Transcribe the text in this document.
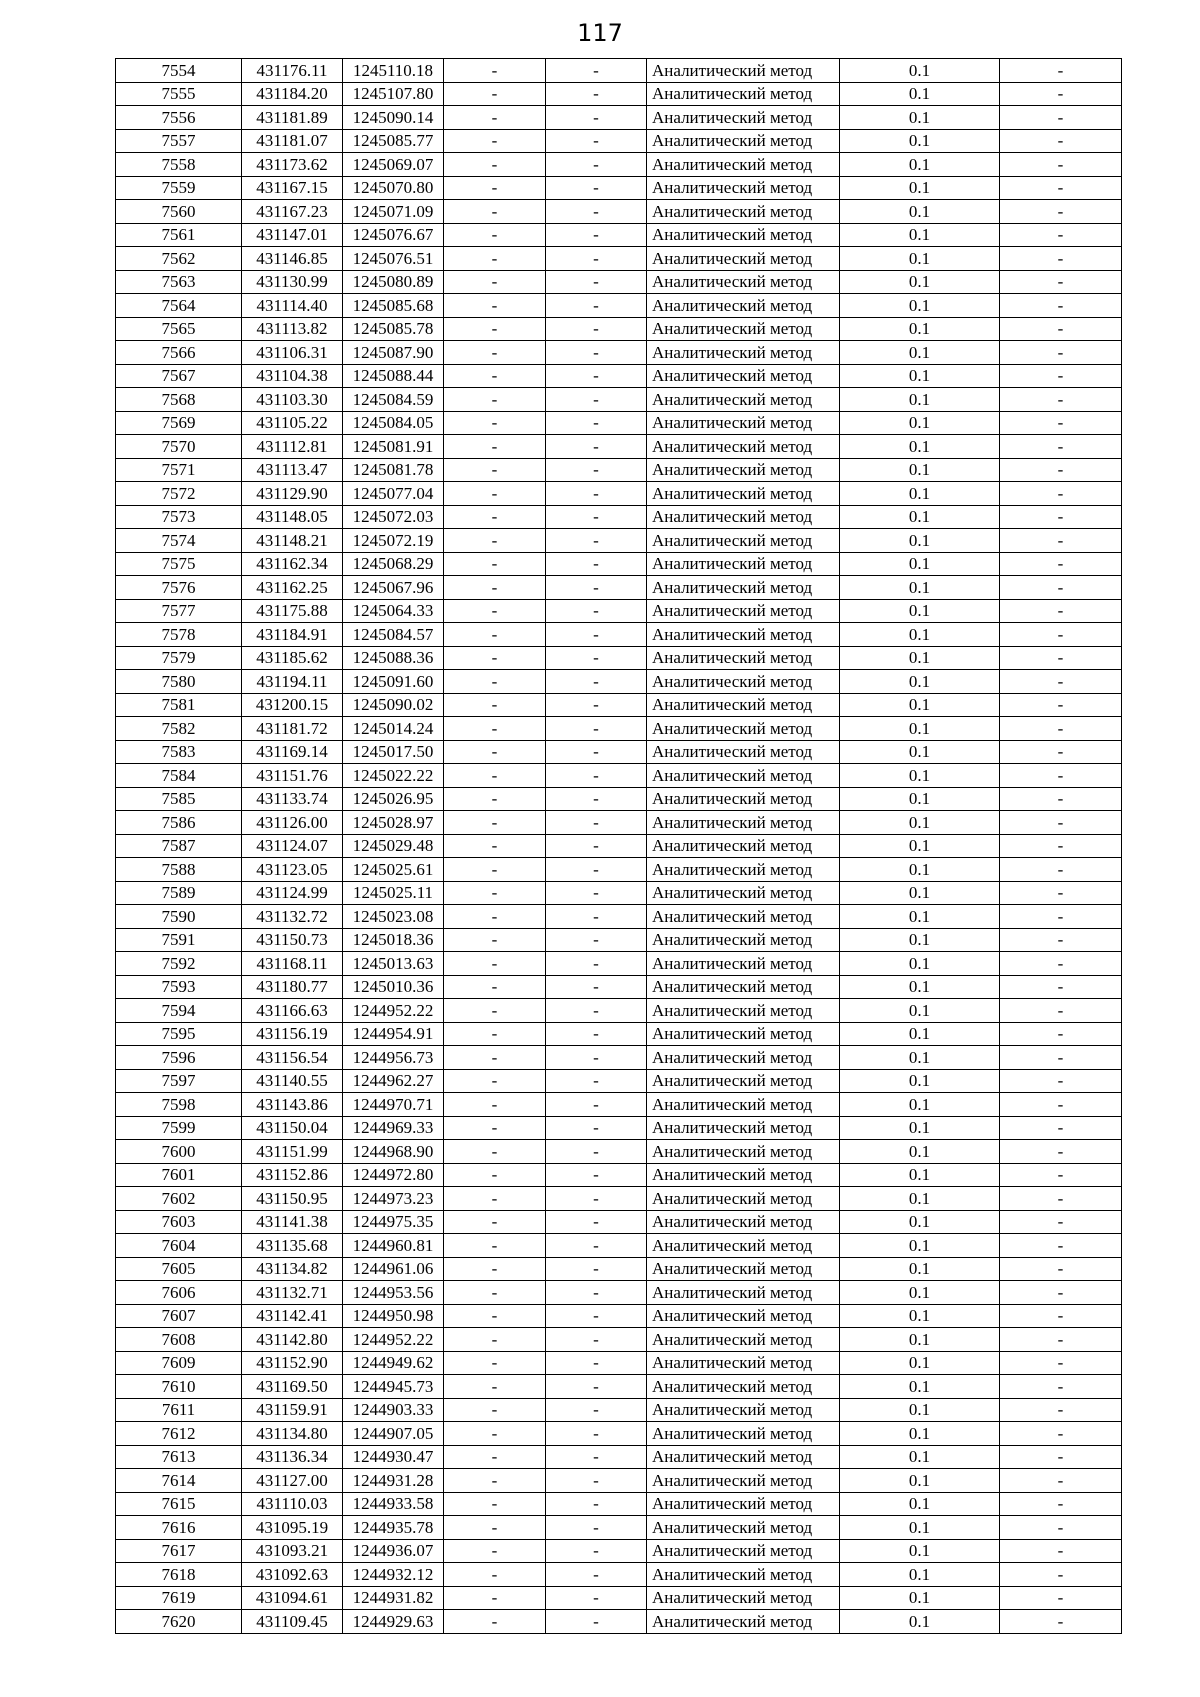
117
7554	431176.11	1245110.18	-	-	Аналитический метод	0.1	-
7555	431184.20	1245107.80	-	-	Аналитический метод	0.1	-
7556	431181.89	1245090.14	-	-	Аналитический метод	0.1	-
7557	431181.07	1245085.77	-	-	Аналитический метод	0.1	-
7558	431173.62	1245069.07	-	-	Аналитический метод	0.1	-
7559	431167.15	1245070.80	-	-	Аналитический метод	0.1	-
7560	431167.23	1245071.09	-	-	Аналитический метод	0.1	-
7561	431147.01	1245076.67	-	-	Аналитический метод	0.1	-
7562	431146.85	1245076.51	-	-	Аналитический метод	0.1	-
7563	431130.99	1245080.89	-	-	Аналитический метод	0.1	-
7564	431114.40	1245085.68	-	-	Аналитический метод	0.1	-
7565	431113.82	1245085.78	-	-	Аналитический метод	0.1	-
7566	431106.31	1245087.90	-	-	Аналитический метод	0.1	-
7567	431104.38	1245088.44	-	-	Аналитический метод	0.1	-
7568	431103.30	1245084.59	-	-	Аналитический метод	0.1	-
7569	431105.22	1245084.05	-	-	Аналитический метод	0.1	-
7570	431112.81	1245081.91	-	-	Аналитический метод	0.1	-
7571	431113.47	1245081.78	-	-	Аналитический метод	0.1	-
7572	431129.90	1245077.04	-	-	Аналитический метод	0.1	-
7573	431148.05	1245072.03	-	-	Аналитический метод	0.1	-
7574	431148.21	1245072.19	-	-	Аналитический метод	0.1	-
7575	431162.34	1245068.29	-	-	Аналитический метод	0.1	-
7576	431162.25	1245067.96	-	-	Аналитический метод	0.1	-
7577	431175.88	1245064.33	-	-	Аналитический метод	0.1	-
7578	431184.91	1245084.57	-	-	Аналитический метод	0.1	-
7579	431185.62	1245088.36	-	-	Аналитический метод	0.1	-
7580	431194.11	1245091.60	-	-	Аналитический метод	0.1	-
7581	431200.15	1245090.02	-	-	Аналитический метод	0.1	-
7582	431181.72	1245014.24	-	-	Аналитический метод	0.1	-
7583	431169.14	1245017.50	-	-	Аналитический метод	0.1	-
7584	431151.76	1245022.22	-	-	Аналитический метод	0.1	-
7585	431133.74	1245026.95	-	-	Аналитический метод	0.1	-
7586	431126.00	1245028.97	-	-	Аналитический метод	0.1	-
7587	431124.07	1245029.48	-	-	Аналитический метод	0.1	-
7588	431123.05	1245025.61	-	-	Аналитический метод	0.1	-
7589	431124.99	1245025.11	-	-	Аналитический метод	0.1	-
7590	431132.72	1245023.08	-	-	Аналитический метод	0.1	-
7591	431150.73	1245018.36	-	-	Аналитический метод	0.1	-
7592	431168.11	1245013.63	-	-	Аналитический метод	0.1	-
7593	431180.77	1245010.36	-	-	Аналитический метод	0.1	-
7594	431166.63	1244952.22	-	-	Аналитический метод	0.1	-
7595	431156.19	1244954.91	-	-	Аналитический метод	0.1	-
7596	431156.54	1244956.73	-	-	Аналитический метод	0.1	-
7597	431140.55	1244962.27	-	-	Аналитический метод	0.1	-
7598	431143.86	1244970.71	-	-	Аналитический метод	0.1	-
7599	431150.04	1244969.33	-	-	Аналитический метод	0.1	-
7600	431151.99	1244968.90	-	-	Аналитический метод	0.1	-
7601	431152.86	1244972.80	-	-	Аналитический метод	0.1	-
7602	431150.95	1244973.23	-	-	Аналитический метод	0.1	-
7603	431141.38	1244975.35	-	-	Аналитический метод	0.1	-
7604	431135.68	1244960.81	-	-	Аналитический метод	0.1	-
7605	431134.82	1244961.06	-	-	Аналитический метод	0.1	-
7606	431132.71	1244953.56	-	-	Аналитический метод	0.1	-
7607	431142.41	1244950.98	-	-	Аналитический метод	0.1	-
7608	431142.80	1244952.22	-	-	Аналитический метод	0.1	-
7609	431152.90	1244949.62	-	-	Аналитический метод	0.1	-
7610	431169.50	1244945.73	-	-	Аналитический метод	0.1	-
7611	431159.91	1244903.33	-	-	Аналитический метод	0.1	-
7612	431134.80	1244907.05	-	-	Аналитический метод	0.1	-
7613	431136.34	1244930.47	-	-	Аналитический метод	0.1	-
7614	431127.00	1244931.28	-	-	Аналитический метод	0.1	-
7615	431110.03	1244933.58	-	-	Аналитический метод	0.1	-
7616	431095.19	1244935.78	-	-	Аналитический метод	0.1	-
7617	431093.21	1244936.07	-	-	Аналитический метод	0.1	-
7618	431092.63	1244932.12	-	-	Аналитический метод	0.1	-
7619	431094.61	1244931.82	-	-	Аналитический метод	0.1	-
7620	431109.45	1244929.63	-	-	Аналитический метод	0.1	-
